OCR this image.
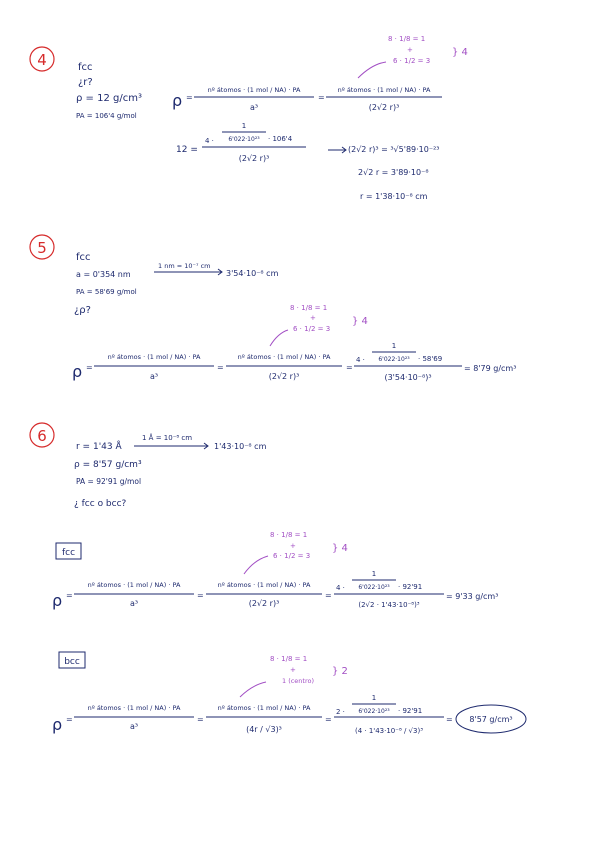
4	fcc
¿r?
ρ = 12 g/cm³
PA = 106'4 g/mol
8 · 1/8 = 1
+
6 · 1/2 = 3
} 4
ρ =
nº átomos · (1 mol / NA) · PA
a³
=
nº átomos · (1 mol / NA) · PA
(2√2 r)³
12 =
4 ·
1
6'022·10²³ · 106'4
(2√2 r)³
(2√2 r)³ = ³√5'89·10⁻²³
2√2 r = 3'89·10⁻⁸
r = 1'38·10⁻⁸ cm
5
fcc
a = 0'354 nm
1 nm = 10⁻⁷ cm
3'54·10⁻⁸ cm
PA = 58'69 g/mol
¿ρ?	8 · 1/8 = 1
+
6 · 1/2 = 3
} 4
ρ =
nº átomos · (1 mol / NA) · PA
a³
=
nº átomos · (1 mol / NA) · PA
(2√2 r)³
=
4 ·
1
6'022·10²³ · 58'69
(3'54·10⁻⁸)³
= 8'79 g/cm³
6
r = 1'43 Å
1 Å = 10⁻⁸ cm
1'43·10⁻⁸ cm
ρ = 8'57 g/cm³
PA = 92'91 g/mol
¿ fcc o bcc?
fcc
8 · 1/8 = 1
+
6 · 1/2 = 3
} 4
ρ =
nº átomos · (1 mol / NA) · PA
a³
=
nº átomos · (1 mol / NA) · PA
(2√2 r)³
=
4 ·
1
6'022·10²³ · 92'91
(2√2 · 1'43·10⁻⁸)³
= 9'33 g/cm³
bcc	8 · 1/8 = 1
+
1 (centro)
} 2
ρ =
nº átomos · (1 mol / NA) · PA
a³
=
nº átomos · (1 mol / NA) · PA
(4r / √3)³
=
2 ·
1
6'022·10²³ · 92'91
(4 · 1'43·10⁻⁸ / √3)³
= 8'57 g/cm³
